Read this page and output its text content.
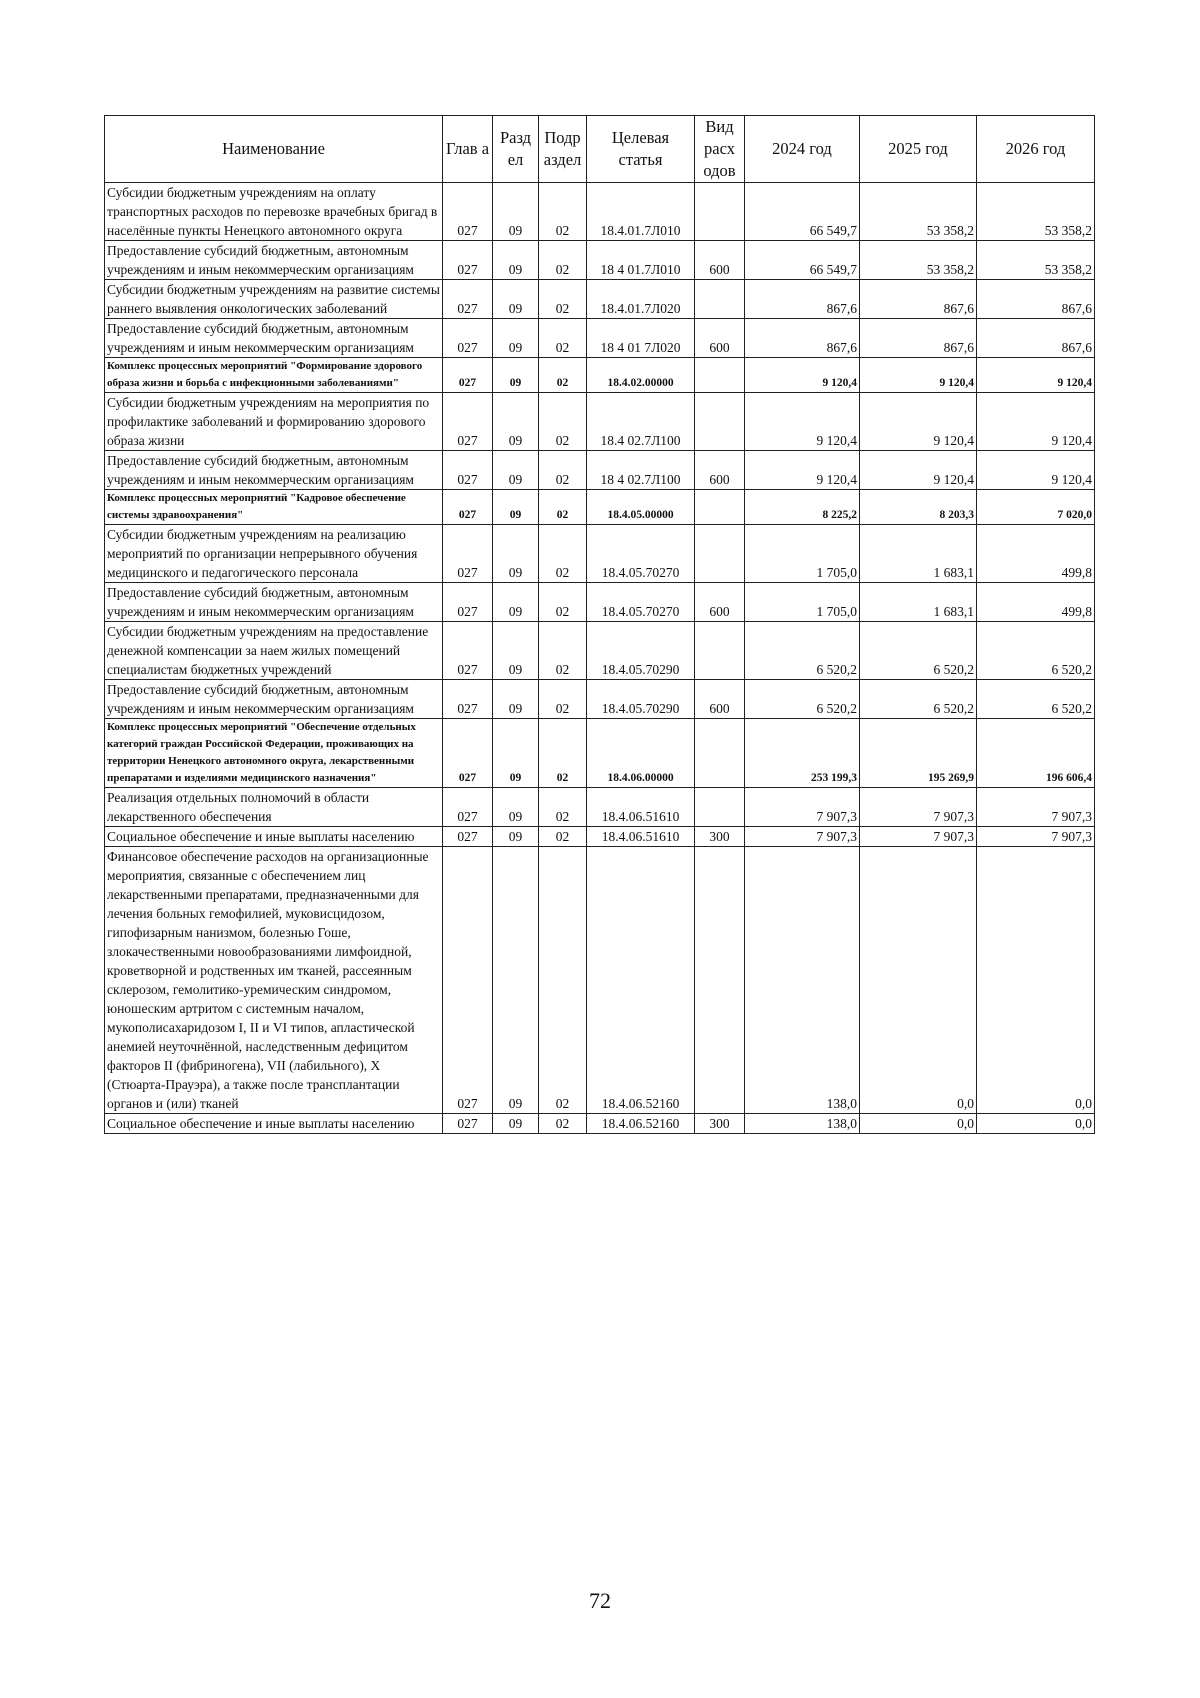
Наименование	Глав а	Разд ел	Подр аздел	Целевая статья	Вид расх одов	2024 год	2025 год	2026 год
Субсидии бюджетным учреждениям на оплату транспортных расходов по перевозке врачебных бригад в населённые пункты Ненецкого автономного округа	027	09	02	18.4.01.7Л010		66 549,7	53 358,2	53 358,2
Предоставление субсидий бюджетным, автономным учреждениям и иным некоммерческим организациям	027	09	02	18 4 01.7Л010	600	66 549,7	53 358,2	53 358,2
Субсидии бюджетным учреждениям на развитие системы раннего выявления онкологических заболеваний	027	09	02	18.4.01.7Л020		867,6	867,6	867,6
Предоставление субсидий бюджетным, автономным учреждениям и иным некоммерческим организациям	027	09	02	18 4 01 7Л020	600	867,6	867,6	867,6
Комплекс процессных мероприятий "Формирование здорового образа жизни и борьба с инфекционными заболеваниями"	027	09	02	18.4.02.00000		9 120,4	9 120,4	9 120,4
Субсидии бюджетным учреждениям на мероприятия по профилактике заболеваний и формированию здорового образа жизни	027	09	02	18.4 02.7Л100		9 120,4	9 120,4	9 120,4
Предоставление субсидий бюджетным, автономным учреждениям и иным некоммерческим организациям	027	09	02	18 4 02.7Л100	600	9 120,4	9 120,4	9 120,4
Комплекс процессных мероприятий "Кадровое обеспечение системы здравоохранения"	027	09	02	18.4.05.00000		8 225,2	8 203,3	7 020,0
Субсидии бюджетным учреждениям на реализацию мероприятий по организации непрерывного обучения медицинского и педагогического персонала	027	09	02	18.4.05.70270		1 705,0	1 683,1	499,8
Предоставление субсидий бюджетным, автономным учреждениям и иным некоммерческим организациям	027	09	02	18.4.05.70270	600	1 705,0	1 683,1	499,8
Субсидии бюджетным учреждениям на предоставление денежной компенсации за наем жилых помещений специалистам бюджетных учреждений	027	09	02	18.4.05.70290		6 520,2	6 520,2	6 520,2
Предоставление субсидий бюджетным, автономным учреждениям и иным некоммерческим организациям	027	09	02	18.4.05.70290	600	6 520,2	6 520,2	6 520,2
Комплекс процессных мероприятий "Обеспечение отдельных категорий граждан Российской Федерации, проживающих на территории Ненецкого автономного округа, лекарственными препаратами и изделиями медицинского назначения"	027	09	02	18.4.06.00000		253 199,3	195 269,9	196 606,4
Реализация отдельных полномочий в области лекарственного обеспечения	027	09	02	18.4.06.51610		7 907,3	7 907,3	7 907,3
Социальное обеспечение и иные выплаты населению	027	09	02	18.4.06.51610	300	7 907,3	7 907,3	7 907,3
Финансовое обеспечение расходов на организационные мероприятия, связанные с обеспечением лиц лекарственными препаратами, предназначенными для лечения больных гемофилией, муковисцидозом, гипофизарным нанизмом, болезнью Гоше, злокачественными новообразованиями лимфоидной, кроветворной и родственных им тканей, рассеянным склерозом, гемолитико-уремическим синдромом, юношеским артритом с системным началом, мукополисахаридозом I, II и VI типов, апластической анемией неуточнённой, наследственным дефицитом факторов II (фибриногена), VII (лабильного), X (Стюарта-Прауэра), а также после трансплантации органов и (или) тканей	027	09	02	18.4.06.52160		138,0	0,0	0,0
Социальное обеспечение и иные выплаты населению	027	09	02	18.4.06.52160	300	138,0	0,0	0,0
72
